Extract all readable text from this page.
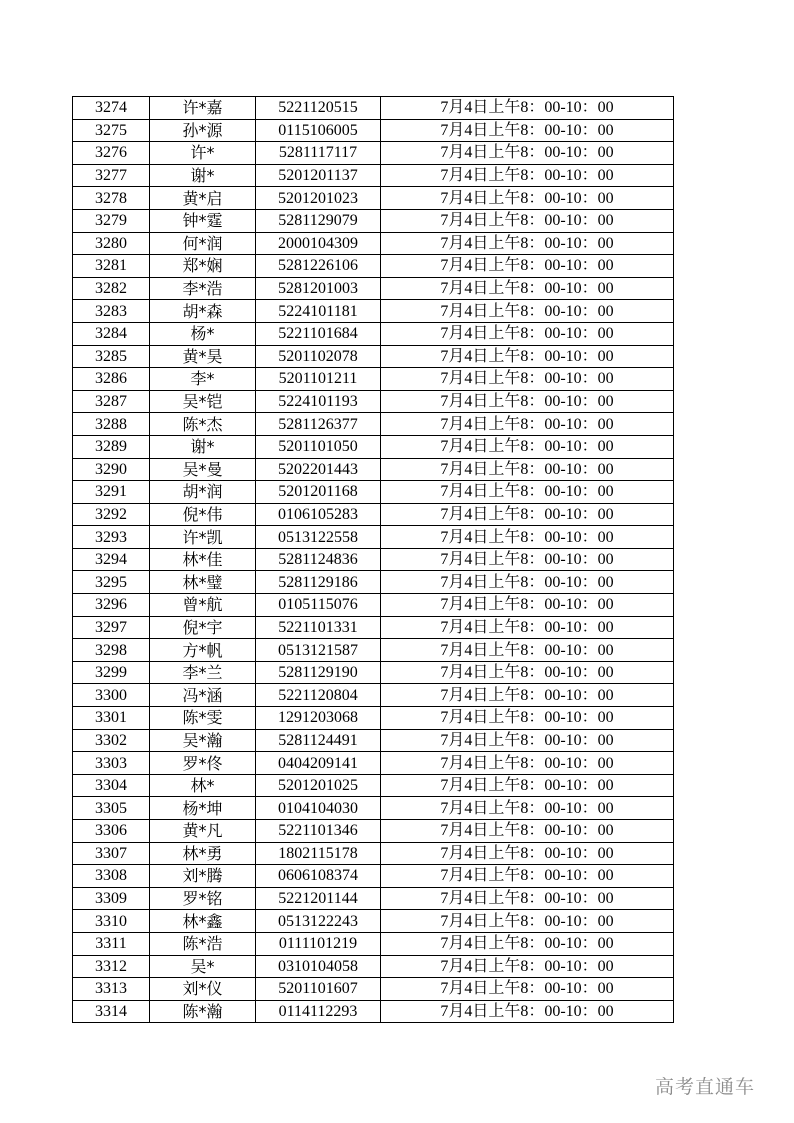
3274	许*嘉	5221120515	7月4日上午8：00-10：00
3275	孙*源	0115106005	7月4日上午8：00-10：00
3276	许*	5281117117	7月4日上午8：00-10：00
3277	谢*	5201201137	7月4日上午8：00-10：00
3278	黄*启	5201201023	7月4日上午8：00-10：00
3279	钟*霆	5281129079	7月4日上午8：00-10：00
3280	何*润	2000104309	7月4日上午8：00-10：00
3281	郑*娴	5281226106	7月4日上午8：00-10：00
3282	李*浩	5281201003	7月4日上午8：00-10：00
3283	胡*森	5224101181	7月4日上午8：00-10：00
3284	杨*	5221101684	7月4日上午8：00-10：00
3285	黄*昊	5201102078	7月4日上午8：00-10：00
3286	李*	5201101211	7月4日上午8：00-10：00
3287	吴*铠	5224101193	7月4日上午8：00-10：00
3288	陈*杰	5281126377	7月4日上午8：00-10：00
3289	谢*	5201101050	7月4日上午8：00-10：00
3290	吴*曼	5202201443	7月4日上午8：00-10：00
3291	胡*润	5201201168	7月4日上午8：00-10：00
3292	倪*伟	0106105283	7月4日上午8：00-10：00
3293	许*凯	0513122558	7月4日上午8：00-10：00
3294	林*佳	5281124836	7月4日上午8：00-10：00
3295	林*璧	5281129186	7月4日上午8：00-10：00
3296	曾*航	0105115076	7月4日上午8：00-10：00
3297	倪*宇	5221101331	7月4日上午8：00-10：00
3298	方*帆	0513121587	7月4日上午8：00-10：00
3299	李*兰	5281129190	7月4日上午8：00-10：00
3300	冯*涵	5221120804	7月4日上午8：00-10：00
3301	陈*雯	1291203068	7月4日上午8：00-10：00
3302	吴*瀚	5281124491	7月4日上午8：00-10：00
3303	罗*佟	0404209141	7月4日上午8：00-10：00
3304	林*	5201201025	7月4日上午8：00-10：00
3305	杨*坤	0104104030	7月4日上午8：00-10：00
3306	黄*凡	5221101346	7月4日上午8：00-10：00
3307	林*勇	1802115178	7月4日上午8：00-10：00
3308	刘*腾	0606108374	7月4日上午8：00-10：00
3309	罗*铭	5221201144	7月4日上午8：00-10：00
3310	林*鑫	0513122243	7月4日上午8：00-10：00
3311	陈*浩	0111101219	7月4日上午8：00-10：00
3312	吴*	0310104058	7月4日上午8：00-10：00
3313	刘*仪	5201101607	7月4日上午8：00-10：00
3314	陈*瀚	0114112293	7月4日上午8：00-10：00
高考直通车
